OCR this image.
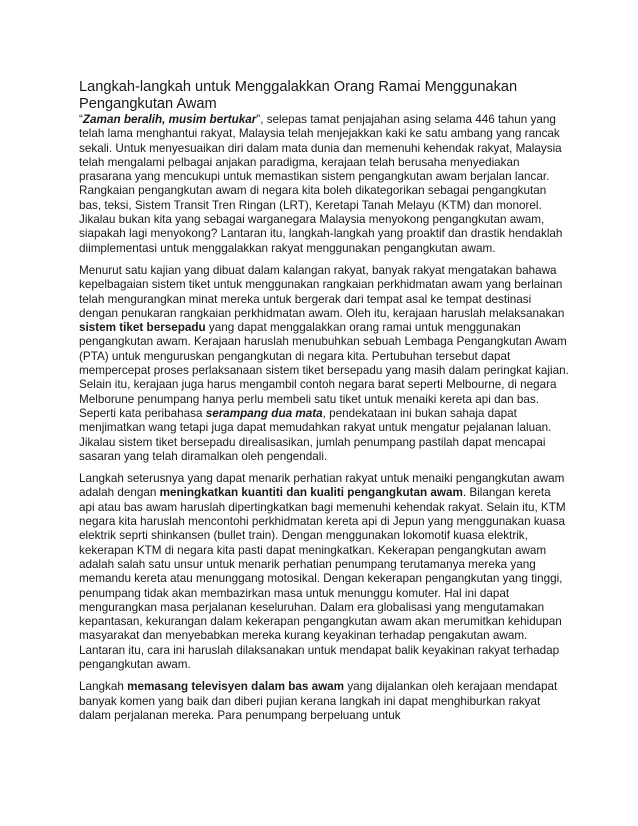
Langkah-langkah untuk Menggalakkan Orang Ramai Menggunakan Pengangkutan Awam

“Zaman beralih, musim bertukar”, selepas tamat penjajahan asing selama 446 tahun yang telah lama menghantui rakyat, Malaysia telah menjejakkan kaki ke satu ambang yang rancak sekali. Untuk menyesuaikan diri dalam mata dunia dan memenuhi kehendak rakyat, Malaysia telah mengalami pelbagai anjakan paradigma, kerajaan telah berusaha menyediakan prasarana yang mencukupi untuk memastikan sistem pengangkutan awam berjalan lancar. Rangkaian pengangkutan awam di negara kita boleh dikategorikan sebagai pengangkutan bas, teksi, Sistem Transit Tren Ringan (LRT), Keretapi Tanah Melayu (KTM) dan monorel. Jikalau bukan kita yang sebagai warganegara Malaysia menyokong pengangkutan awam, siapakah lagi menyokong? Lantaran itu, langkah-langkah yang proaktif dan drastik hendaklah diimplementasi untuk menggalakkan rakyat menggunakan pengangkutan awam.

Menurut satu kajian yang dibuat dalam kalangan rakyat, banyak rakyat mengatakan bahawa kepelbagaian sistem tiket untuk menggunakan rangkaian perkhidmatan awam yang berlainan telah mengurangkan minat mereka untuk bergerak dari tempat asal ke tempat destinasi dengan penukaran rangkaian perkhidmatan awam. Oleh itu, kerajaan haruslah melaksanakan sistem tiket bersepadu yang dapat menggalakkan orang ramai untuk menggunakan pengangkutan awam. Kerajaan haruslah menubuhkan sebuah Lembaga Pengangkutan Awam (PTA) untuk menguruskan pengangkutan di negara kita. Pertubuhan tersebut dapat mempercepat proses perlaksanaan sistem tiket bersepadu yang masih dalam peringkat kajian. Selain itu, kerajaan juga harus mengambil contoh negara barat seperti Melbourne, di negara Melborune penumpang hanya perlu membeli satu tiket untuk menaiki kereta api dan bas. Seperti kata peribahasa serampang dua mata, pendekataan ini bukan sahaja dapat menjimatkan wang tetapi juga dapat memudahkan rakyat untuk mengatur pejalanan laluan. Jikalau sistem tiket bersepadu direalisasikan, jumlah penumpang pastilah dapat mencapai sasaran yang telah diramalkan oleh pengendali.

Langkah seterusnya yang dapat menarik perhatian rakyat untuk menaiki pengangkutan awam adalah dengan meningkatkan kuantiti dan kualiti pengangkutan awam. Bilangan kereta api atau bas awam haruslah dipertingkatkan bagi memenuhi kehendak rakyat. Selain itu, KTM negara kita haruslah mencontohi perkhidmatan kereta api di Jepun yang menggunakan kuasa elektrik seprti shinkansen (bullet train). Dengan menggunakan lokomotif kuasa elektrik, kekerapan KTM di negara kita pasti dapat meningkatkan. Kekerapan pengangkutan awam adalah salah satu unsur untuk menarik perhatian penumpang terutamanya mereka yang memandu kereta atau menunggang motosikal. Dengan kekerapan pengangkutan yang tinggi, penumpang tidak akan membazirkan masa untuk menunggu komuter. Hal ini dapat mengurangkan masa perjalanan keseluruhan. Dalam era globalisasi yang mengutamakan kepantasan, kekurangan dalam kekerapan pengangkutan awam akan merumitkan kehidupan masyarakat dan menyebabkan mereka kurang keyakinan terhadap pengakutan awam. Lantaran itu, cara ini haruslah dilaksanakan untuk mendapat balik keyakinan rakyat terhadap pengangkutan awam.

Langkah memasang televisyen dalam bas awam yang dijalankan oleh kerajaan mendapat banyak komen yang baik dan diberi pujian kerana langkah ini dapat menghiburkan rakyat dalam perjalanan mereka. Para penumpang berpeluang untuk
